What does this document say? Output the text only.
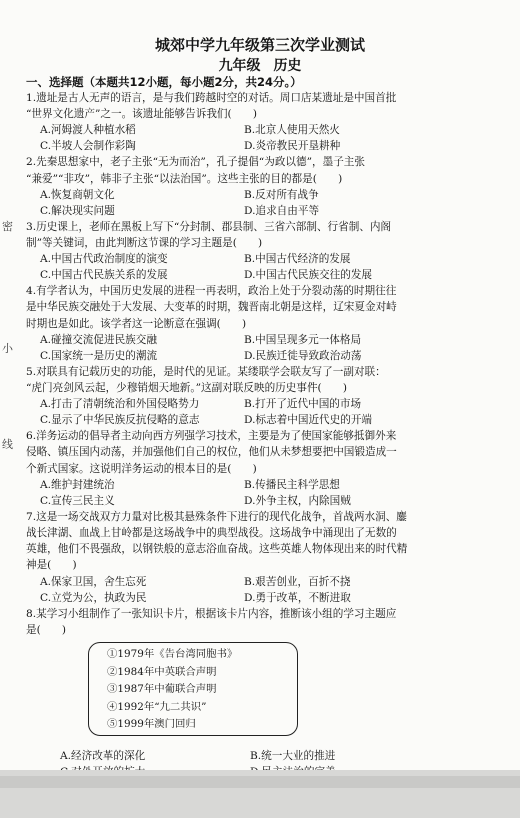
城郊中学九年级第三次学业测试
九年级 历史
密
小
线
一、选择题（本题共12小题，每小题2分，共24分。）
1.遗址是古人无声的语言，是与我们跨越时空的对话。周口店某遗址是中国首批
“世界文化遗产”之一。该遗址能够告诉我们(　　)
A.河姆渡人种植水稻	B.北京人使用天然火
C.半坡人会制作彩陶	D.炎帝教民开垦耕种
2.先秦思想家中，老子主张“无为而治”，孔子提倡“为政以德”，墨子主张
“兼爱”“非攻”，韩非子主张“以法治国”。这些主张的目的都是(　　)
A.恢复商朝文化	B.反对所有战争
C.解决现实问题	D.追求自由平等
3.历史课上，老师在黑板上写下“分封制、郡县制、三省六部制、行省制、内阁
制”等关键词，由此判断这节课的学习主题是(　　)
A.中国古代政治制度的演变	B.中国古代经济的发展
C.中国古代民族关系的发展	D.中国古代民族交往的发展
4.有学者认为，中国历史发展的进程一再表明，政治上处于分裂动荡的时期往往
是中华民族交融处于大发展、大变革的时期，魏晋南北朝是这样，辽宋夏金对峙
时期也是如此。该学者这一论断意在强调(　　)
A.碰撞交流促进民族交融	B.中国呈现多元一体格局
C.国家统一是历史的潮流	D.民族迁徙导致政治动荡
5.对联具有记载历史的功能，是时代的见证。某缕联学会联友写了一副对联：
“虎门亮剑风云起，少穆销烟天地新。”这副对联反映的历史事件(　　)
A.打击了清朝统治和外国侵略势力	B.打开了近代中国的市场
C.显示了中华民族反抗侵略的意志	D.标志着中国近代史的开端
6.洋务运动的倡导者主动向西方列强学习技术，主要是为了使国家能够抵御外来
侵略、镇压国内动荡，并加强他们自己的权位，他们从未梦想要把中国锻造成一
个新式国家。这说明洋务运动的根本目的是(　　)
A.维护封建统治	B.传播民主科学思想
C.宣传三民主义	D.外争主权，内除国贼
7.这是一场交战双方力量对比极其悬殊条件下进行的现代化战争，首战两水洞、鏖
战长津湖、血战上甘岭都是这场战争中的典型战役。这场战争中涌现出了无数的
英雄，他们不畏强敌，以钢铁般的意志浴血奋战。这些英雄人物体现出来的时代精
神是(　　)
A.保家卫国，舍生忘死	B.艰苦创业，百折不挠
C.立党为公，执政为民	D.勇于改革，不断进取
8.某学习小组制作了一张知识卡片，根据该卡片内容，推断该小组的学习主题应
是(　　)
①1979年《告台湾同胞书》
②1984年中英联合声明
③1987年中葡联合声明
④1992年“九二共识”
⑤1999年澳门回归
A.经济改革的深化	B.统一大业的推进
